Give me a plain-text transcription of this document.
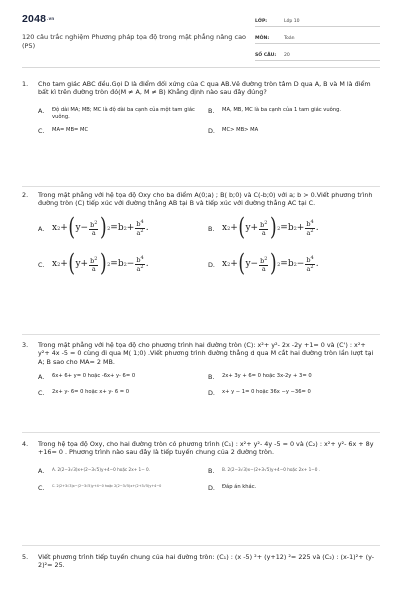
2048.vn
120 câu trắc nghiệm Phương pháp tọa độ trong mặt phẳng nâng cao (P5)
LỚP:	Lớp 10
MÔN:	Toán
SỐ CÂU:	20
1.	Cho tam giác ABC đều.Gọi D là điểm đối xứng của C qua AB.Vẽ đường tròn tâm D qua A, B và M là điểm bất kì trên đường tròn đó(M ≠ A, M ≠ B) Khẳng định nào sau đây đúng?
A.	Độ dài MA; MB; MC là độ dài ba cạnh của một tam giác vuông.
B.	MA, MB, MC là ba cạnh của 1 tam giác vuông.
C.	MA= MB= MC	D.	MC> MB> MA
2.	Trong mặt phẳng với hệ tọa độ Oxy cho ba điểm A(0;a) ; B( b;0) và C(-b;0) với a; b > 0.Viết phương trình đường tròn (C) tiếp xúc với đường thẳng AB tại B và tiếp xúc với đường thẳng AC tại C.
A. x 2 + ( $y - \frac{b^2}{a}$ ) 2 = b $2 + \frac{b^4}{a^2}$ .	B. x 2 + ( $y + \frac{b^2}{a}$ ) 2 = b $2 + \frac{b^4}{a^2}$ .
C. x 2 + ( $y + \frac{b^2}{a}$ ) 2 = b $2 - \frac{b^4}{a^2}$ .	D. x 2 + ( $y - \frac{b^2}{a}$ ) 2 = b $2 - \frac{b^4}{a^2}$ .
3.	Trong mặt phẳng với hệ tọa độ cho phương trình hai đường tròn (C): x²+ y²- 2x -2y +1= 0 và (C') : x²+ y²+ 4x -5 = 0 cùng đi qua M( 1;0) .Viết phương trình đường thẳng d qua M cắt hai đường tròn lần lượt tại A; B sao cho MA= 2 MB.
A.	6x+ 6+ y= 0 hoặc -6x+ y- 6= 0	B.	2x+ 3y + 6= 0 hoặc 3x-2y + 3= 0
C.	2x+ y- 6= 0 hoặc x+ y- 6 = 0	D.	x+ y − 1= 0 hoặc 36x −y −36= 0
4.	Trong hệ tọa độ Oxy, cho hai đường tròn có phương trình (C₁) : x²+ y²- 4y -5 = 0 và (C₂) : x²+ y²- 6x + 8y +16= 0 . Phương trình nào sau đây là tiếp tuyến chung của 2 đường tròn.
A.	A. 2(2−3√3)x+(2−3√5)y+4−0 hoặc 2x+ 1− 0.	B.	B. 2(2−3√3)x−(2+3√5)y+4−0 hoặc 2x+ 1−0 .
C.	C. 2(2+3√3)x−(2−3√5)y+4−0 hoặc 2(2−3√5)x+(2+3√5)y+4−0	D.	Đáp án khác.
5.	Viết phương trình tiếp tuyến chung của hai đường tròn: (C₁) : (x -5) ²+ (y+12) ²= 225 và (C₂) : (x-1)²+ (y-2)²= 25.
